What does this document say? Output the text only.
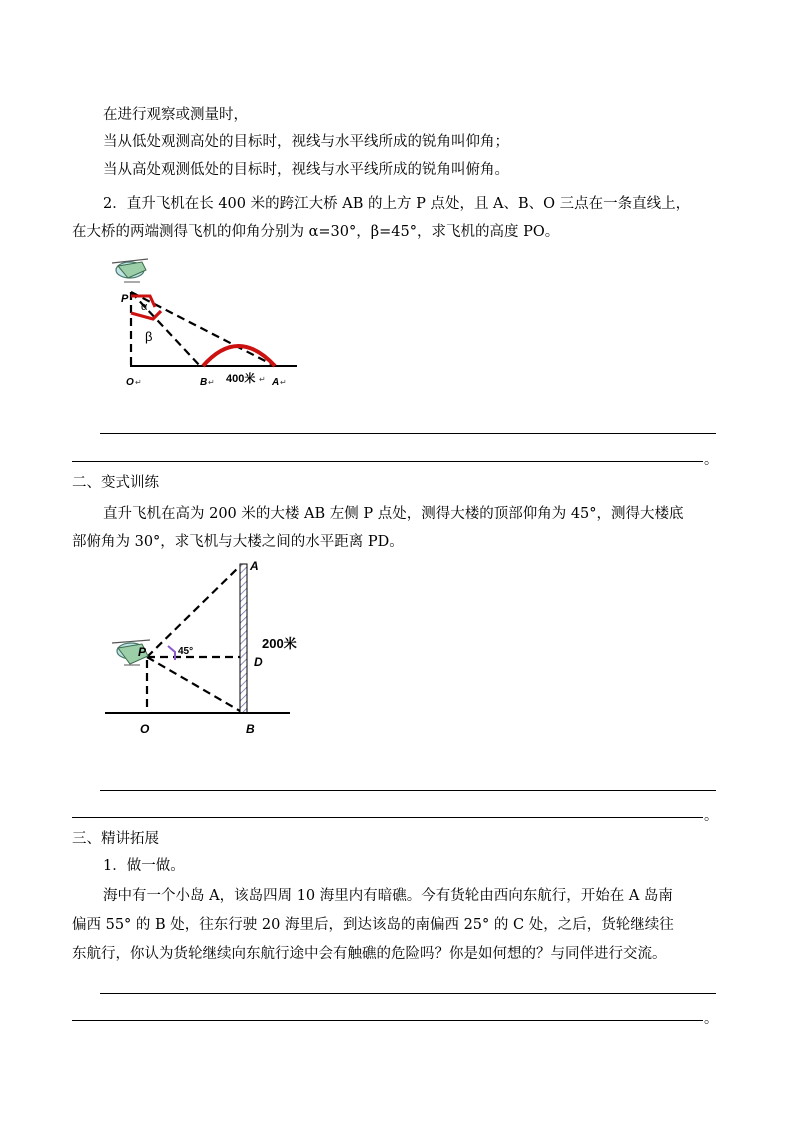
在进行观察或测量时，
当从低处观测高处的目标时，视线与水平线所成的锐角叫仰角；
当从高处观测低处的目标时，视线与水平线所成的锐角叫俯角。
2．直升飞机在长 400 米的跨江大桥 AB 的上方 P 点处，且 A、B、O 三点在一条直线上，
在大桥的两端测得飞机的仰角分别为 α=30°，β=45°，求飞机的高度 PO。
P
α
β
O ↵	B ↵ 400米 ↵ A ↵
。
二、变式训练
直升飞机在高为 200 米的大楼 AB 左侧 P 点处，测得大楼的顶部仰角为 45°，测得大楼底
部俯角为 30°，求飞机与大楼之间的水平距离 PD。
A
P	45°
200米
D
O	B
。
三、精讲拓展
1．做一做。
海中有一个小岛 A，该岛四周 10 海里内有暗礁。今有货轮由西向东航行，开始在 A 岛南
偏西 55° 的 B 处，往东行驶 20 海里后，到达该岛的南偏西 25° 的 C 处，之后，货轮继续往
东航行，你认为货轮继续向东航行途中会有触礁的危险吗？你是如何想的？与同伴进行交流。
。
